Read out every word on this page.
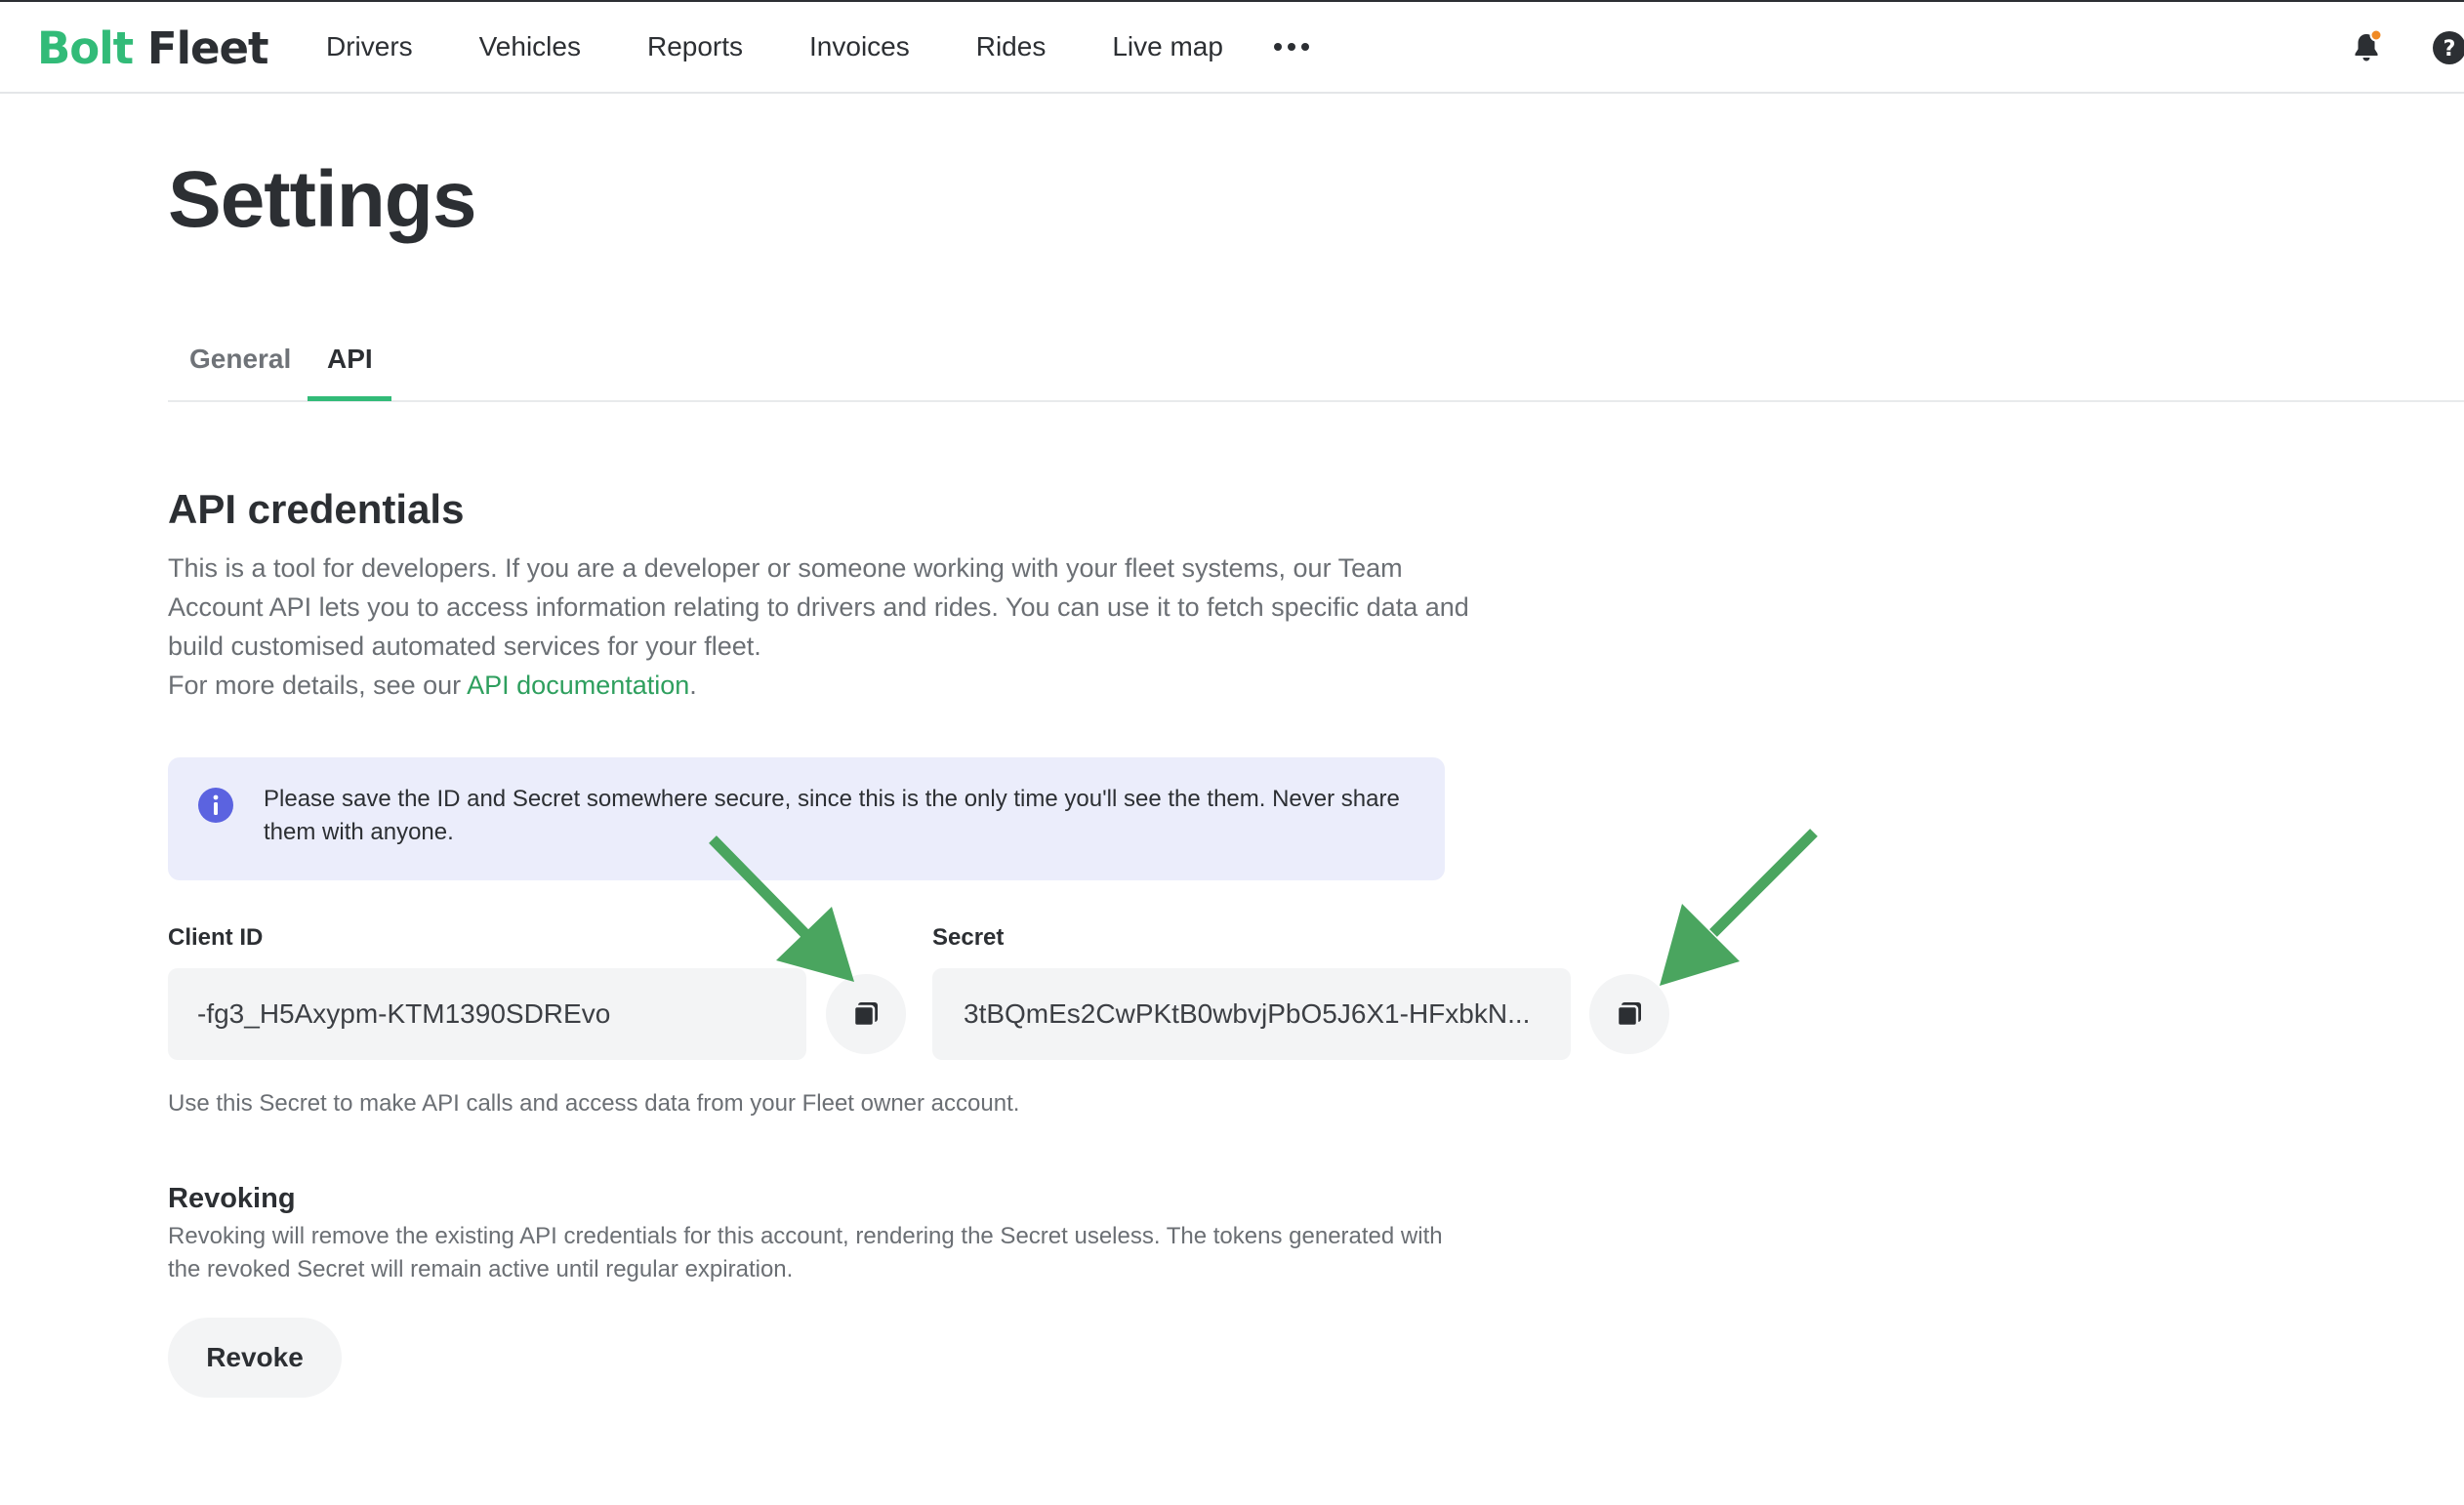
Bolt Fleet Drivers Vehicles Reports Invoices Rides Live map	?
Settings
General API
API credentials
This is a tool for developers. If you are a developer or someone working with your fleet systems, our Team Account API lets you to access information relating to drivers and rides. You can use it to fetch specific data and build customised automated services for your fleet.
For more details, see our API documentation.
Please save the ID and Secret somewhere secure, since this is the only time you'll see the them. Never share them with anyone.
Client ID
-fg3_H5Axypm-KTM1390SDREvo
Secret
3tBQmEs2CwPKtB0wbvjPbO5J6X1-HFxbkN...
Use this Secret to make API calls and access data from your Fleet owner account.
Revoking
Revoking will remove the existing API credentials for this account, rendering the Secret useless. The tokens generated with the revoked Secret will remain active until regular expiration.
Revoke
